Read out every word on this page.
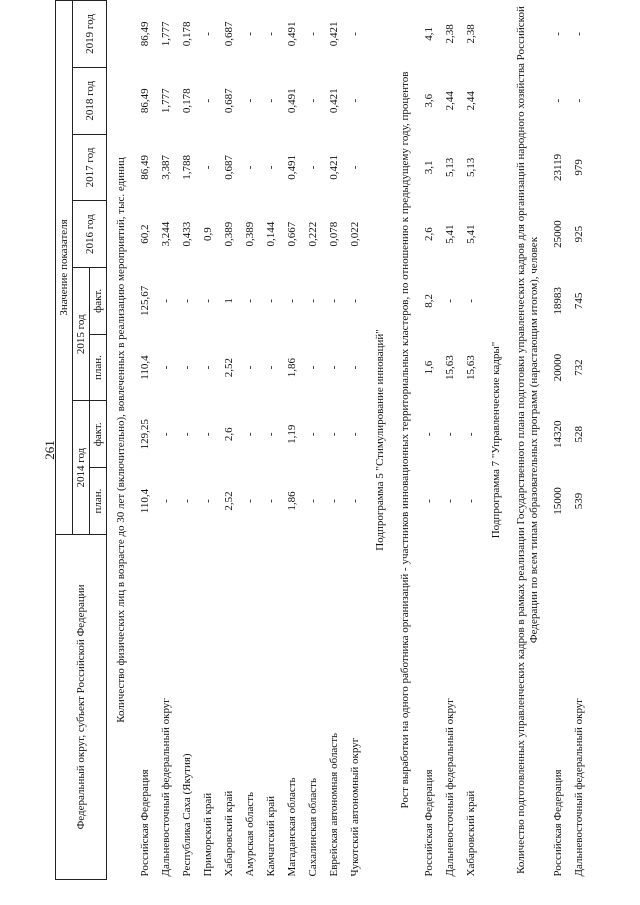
261
Федеральный округ, субъект Российской Федерации	Значение показателя							
	2014 год		2015 год		2016 год	2017 год	2018 год	2019 год
	план.	факт.	план.	факт.				
Количество физических лиц в возрасте до 30 лет (включительно), вовлеченных в реализацию мероприятий, тыс. единиц								
Российская Федерация	110,4	129,25	110,4	125,67	60,2	86,49	86,49	86,49
Дальневосточный федеральный округ	-	-	-	-	3,244	3,387	1,777	1,777
Республика Саха (Якутия)	-	-	-	-	0,433	1,788	0,178	0,178
Приморский край	-	-	-	-	0,9	-	-	-
Хабаровский край	2,52	2,6	2,52	1	0,389	0,687	0,687	0,687
Амурская область	-	-	-	-	0,389	-	-	-
Камчатский край	-	-	-	-	0,144	-	-	-
Магаданская область	1,86	1,19	1,86	-	0,667	0,491	0,491	0,491
Сахалинская область	-	-	-	-	0,222	-	-	-
Еврейская автономная область	-	-	-	-	0,078	0,421	0,421	0,421
Чукотский автономный округ	-	-	-	-	0,022	-	-	-
Подпрограмма 5 "Стимулирование инноваций"								
Рост выработки на одного работника организаций - участников инновационных территориальных кластеров, по отношению к предыдущему году, процентов								
Российская Федерация	-	-	1,6	8,2	2,6	3,1	3,6	4,1
Дальневосточный федеральный округ	-	-	15,63	-	5,41	5,13	2,44	2,38
Хабаровский край	-	-	15,63	-	5,41	5,13	2,44	2,38
Подпрограмма 7 "Управленческие кадры"								
Количество подготовленных управленческих кадров в рамках реализации Государственного плана подготовки управленческих кадров для организаций народного хозяйства Российской Федерации по всем типам образовательных программ (нарастающим итогом), человек								
Российская Федерация	15000	14320	20000	18983	25000	23119	-	-
Дальневосточный федеральный округ	539	528	732	745	925	979	-	-
